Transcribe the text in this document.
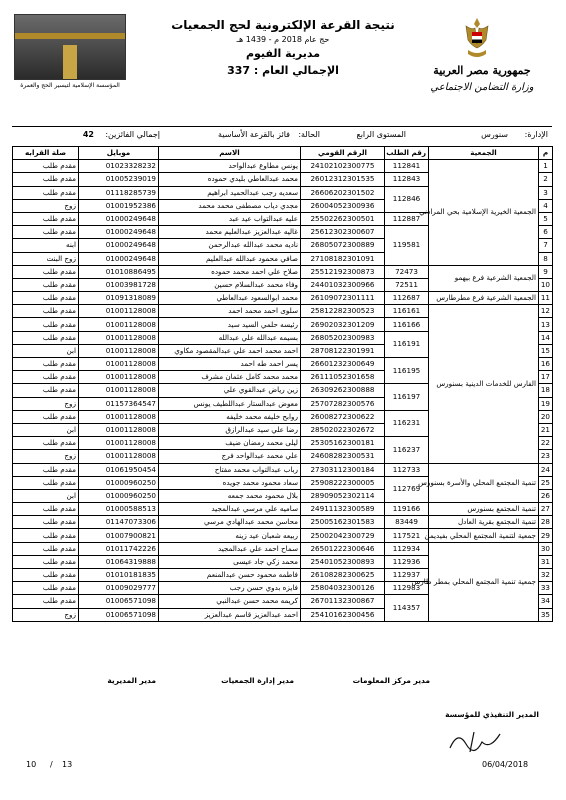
المؤسسة الإسلامية لتيسير الحج والعمرة
نتيجة القرعة الإلكترونية لحج الجمعيات
حج عام 2018 م - 1439 هـ
مديرية الفيوم
الإجمالي العام : 337	جمهورية مصر العربية
وزارة التضامن الاجتماعي
الإدارة:
سنورس
المستوى الرابع
الحالة:
فائز بالقرعة الأساسية
إجمالي الفائزين:
42
م	الجمعية	رقم الطلب	الرقم القومي	الاسم	موبايل	صلة القرابه
1	الجمعية الخيرية الإسلامية بحي المرادني	112841	24102102300775	يونس مطاوع عبدالواحد	01023328232	مقدم طلب
2		112843	26012312301535	محمد عبدالعاطي بليدي حموده	01005239019	مقدم طلب
3		112846	26606202301502	سعديه رجب عبدالحميد ابراهيم	01118285739	مقدم طلب
4			26004052300936	مجدي دياب مصطفى محمد محمد	01001952386	زوج
5		112887	25502262300501	عليه عبدالتواب عيد عبد	01000249648	مقدم طلب
6		119581	25612302300607	غاليه عبدالعزيز عبدالعليم محمد	01000249648	مقدم طلب
7			26805072300889	ناديه محمد عبدالله عبدالرحمن	01000249648	ابنه
8			27108182301091	صافي محمود عبدالله عبدالعليم	01000249648	زوج البنت
9	الجمعية الشرعية فرع بيهمو	72473	25512192300873	صلاح علي احمد محمد حموده	01010886495	مقدم طلب
10		72511	24401032300966	وفاء محمد عبدالسلام حسين	01003981728	مقدم طلب
11	الجمعية الشرعية فرع مطرطارس	112687	26109072301111	محمد ابوالسعود عبدالعاطي	01091318089	مقدم طلب
12	الفارس للخدمات الدينية بسنورس	116161	25812282300523	سلوى احمد محمد احمد	01001128008	مقدم طلب
13		116166	26902032301209	رئيسه حلمي السيد سيد	01001128008	مقدم طلب
14		116191	26805202300983	بسيمه عبدالله علي عبدالله	01001128008	مقدم طلب
15			28708122301991	احمد محمد احمد علي عبدالمقصود مكاوي	01001128008	ابن
16		116195	26601232300649	يسر احمد طه احمد	01001128008	مقدم طلب
17			26111052301658	محمد محمد كامل عثمان مشرف	01001128008	مقدم طلب
18		116197	26309262300888	زين رياض عبدالقوي علي	01001128008	مقدم طلب
19			25707282300576	معوض عبدالستار عبداللطيف يونس	01157364547	زوج
20		116231	26008272300622	روابح خليفه محمد خليفه	01001128008	مقدم طلب
21			28502022302672	رضا علي سيد عبدالرازق	01001128008	ابن
22		116237	25305162300181	ليلى محمد رمضان ضيف	01001128008	مقدم طلب
23			24608282300531	علي محمد عبدالواحد فرج	01001128008	زوج
24	تنمية المجتمع المحلي والأسرة بسنورس	112733	27303112300184	رباب عبدالتواب محمد مفتاح	01061950454	مقدم طلب
25		112769	25908222300005	سعاد محمود محمد جويده	01000960250	مقدم طلب
26			28909052302114	بلال محمود محمد جمعه	01000960250	ابن
27	تنمية المجتمع بسنورس	119166	24911132300589	ساميه علي مرسي عبدالمجيد	01000588513	مقدم طلب
28	تنمية المجتمع بقرية العادل	83449	25005162301583	محاسن محمد عبدالهادي مرسي	01147073306	مقدم طلب
29	جمعية لتنمية المجتمع المحلي بفيديمن	117521	25002042300729	ربيعه شعبان عيد زينه	01007900821	مقدم طلب
30	جمعية تنمية المجتمع المحلي بمطر طارس	112934	26501222300646	سماح احمد علي عبدالمجيد	01011742226	مقدم طلب
31		112936	25401052300893	محمد زكي جاد عيسى	01064319888	مقدم طلب
32		112937	26108282300625	فاطمه محمود حسن عبدالمنعم	01010181835	مقدم طلب
33		112983	25804032300126	فايزه بدوي حسن رجب	01009029777	مقدم طلب
34		114357	26701132300867	كريمه محمد حسن عبدالنبي	01006571098	مقدم طلب
35			25410162300456	احمد عبدالعزيز قاسم عبدالعزيز	01006571098	زوج
مدير المديرية	مدير إدارة الجمعيات	مدير مركز المعلومات
المدير التنفيذي للمؤسسة
10 / 13	06/04/2018
